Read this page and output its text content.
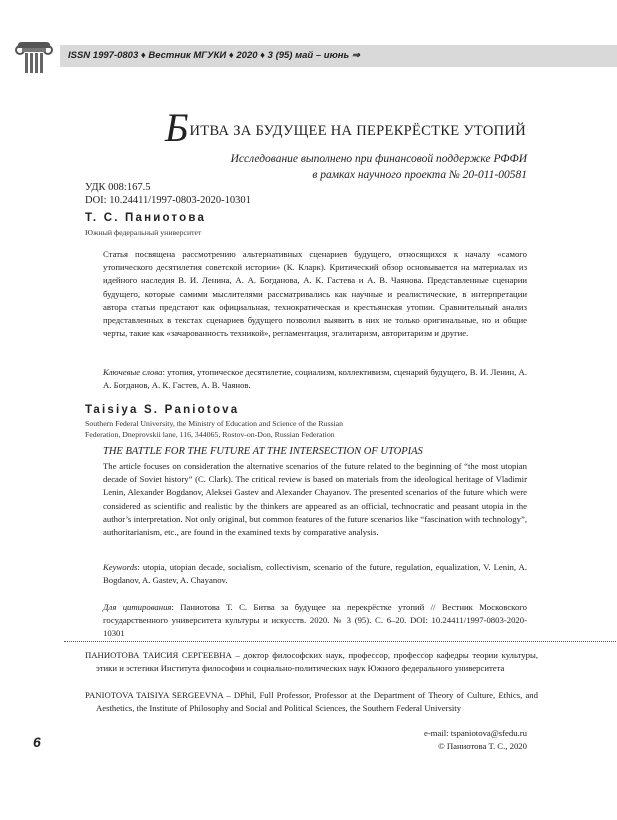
ISSN 1997-0803 ♦ Вестник МГУКИ ♦ 2020 ♦ 3 (95) май – июнь ⇒
БИТВА ЗА БУДУЩЕЕ НА ПЕРЕКРЁСТКЕ УТОПИЙ
Исследование выполнено при финансовой поддержке РФФИ
в рамках научного проекта № 20-011-00581
УДК 008:167.5
DOI: 10.24411/1997-0803-2020-10301
Т. С. Паниотова
Южный федеральный университет
Статья посвящена рассмотрению альтернативных сценариев будущего, относящихся к началу «самого утопического десятилетия советской истории» (К. Кларк). Критический обзор основывается на материалах из идейного наследия В. И. Ленина, А. А. Богданова, А. К. Гастева и А. В. Чаянова. Представленные сценарии будущего, которые самими мыслителями рассматривались как научные и реалистические, в интерпретации автора статьи предстают как официальная, технократическая и крестьянская утопии. Сравнительный анализ представленных в текстах сценариев будущего позволил выявить в них не только оригинальные, но и общие черты, такие как «зачарованность техникой», регламентация, эгалитаризм, авторитаризм и другие.
Ключевые слова: утопия, утопическое десятилетие, социализм, коллективизм, сценарий будущего, В. И. Ленин, А. А. Богданов, А. К. Гастев, А. В. Чаянов.
Taisiya S. Paniotova
Southern Federal University, the Ministry of Education and Science of the Russian
Federation, Dneprovskii lane, 116, 344065, Rostov-on-Don, Russian Federation
THE BATTLE FOR THE FUTURE AT THE INTERSECTION OF UTOPIAS
The article focuses on consideration the alternative scenarios of the future related to the beginning of “the most utopian decade of Soviet history” (C. Clark). The critical review is based on materials from the ideological heritage of Vladimir Lenin, Alexander Bogdanov, Aleksei Gastev and Alexander Chayanov. The presented scenarios of the future which were considered as scientific and realistic by the thinkers are appeared as an official, technocratic and peasant utopia in the author’s interpretation. Not only original, but common features of the future scenarios like “fascination with technology”, authoritarianism, etc., are found in the examined texts by comparative analysis.
Keywords: utopia, utopian decade, socialism, collectivism, scenario of the future, regulation, equalization, V. Lenin, A. Bogdanov, A. Gastev, A. Chayanov.
Для цитирования: Паниотова Т. С. Битва за будущее на перекрёстке утопий // Вестник Московского государственного университета культуры и искусств. 2020. № 3 (95). С. 6–20. DOI: 10.24411/1997-0803-2020-10301
ПАНИОТОВА ТАИСИЯ СЕРГЕЕВНА – доктор философских наук, профессор, профессор кафедры теории культуры, этики и эстетики Института философии и социально-политических наук Южного федерального университета
PANIOTOVA TAISIYA SERGEEVNA – DPhil, Full Professor, Professor at the Department of Theory of Culture, Ethics, and Aesthetics, the Institute of Philosophy and Social and Political Sciences, the Southern Federal University
e-mail: tspaniotova@sfedu.ru
© Паниотова Т. С., 2020
6
